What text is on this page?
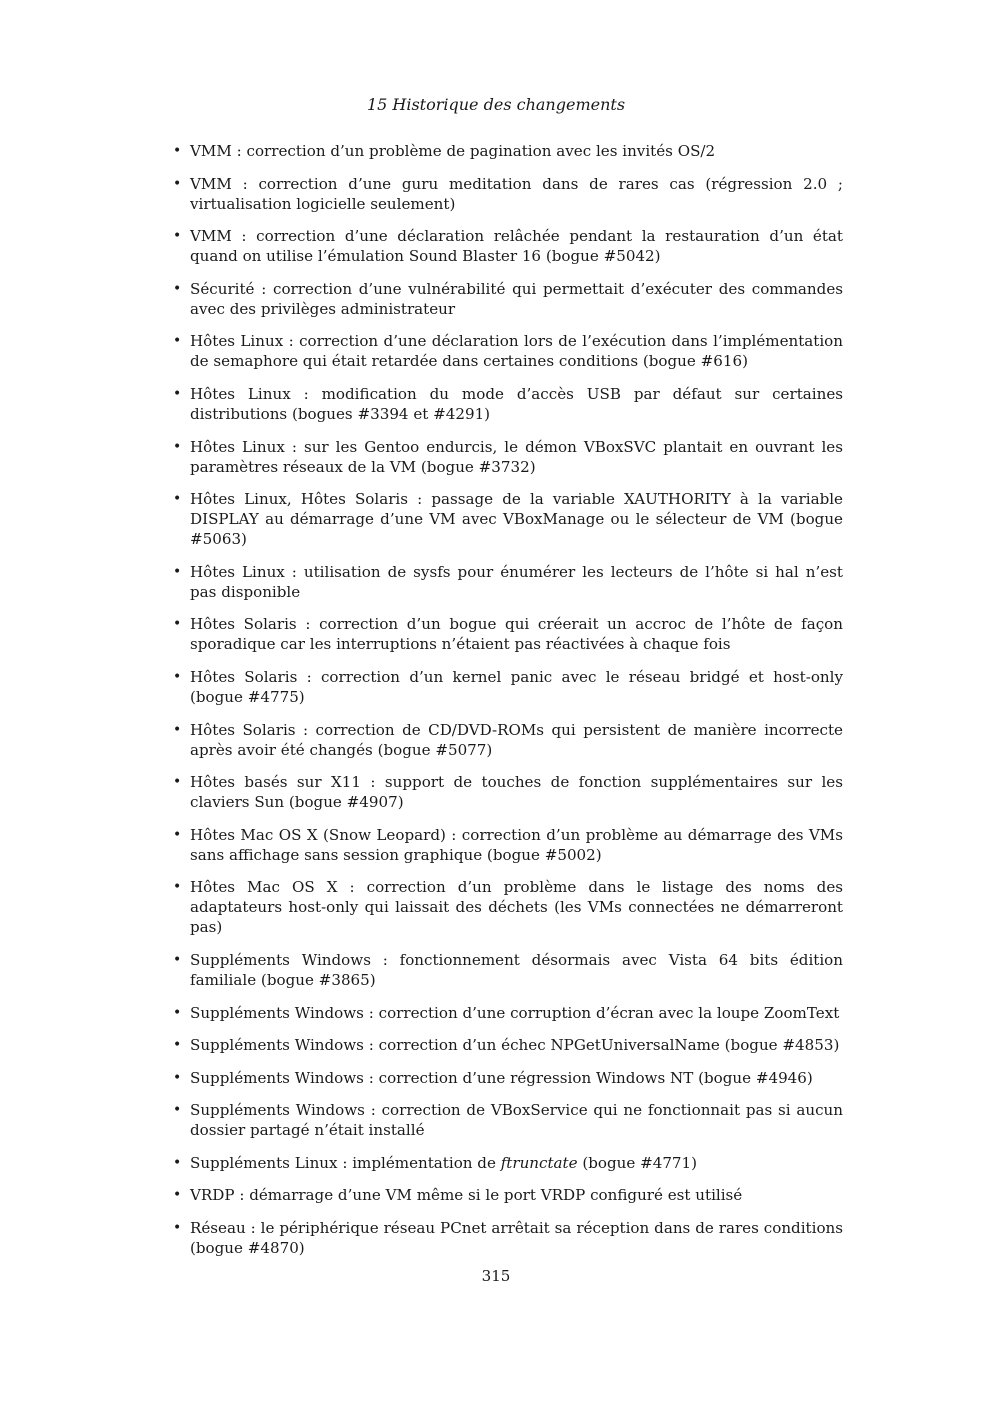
15 Historique des changements
• VMM : correction d’un problème de pagination avec les invités OS/2
• VMM : correction d’une guru meditation dans de rares cas (régression 2.0 ; virtualisation logicielle seulement)
• VMM : correction d’une déclaration relâchée pendant la restauration d’un état quand on utilise l’émulation Sound Blaster 16 (bogue #5042)
• Sécurité : correction d’une vulnérabilité qui permettait d’exécuter des commandes avec des privilèges administrateur
• Hôtes Linux : correction d’une déclaration lors de l’exécution dans l’implémentation de semaphore qui était retardée dans certaines conditions (bogue #616)
• Hôtes Linux : modification du mode d’accès USB par défaut sur certaines distributions (bogues #3394 et #4291)
• Hôtes Linux : sur les Gentoo endurcis, le démon VBoxSVC plantait en ouvrant les paramètres réseaux de la VM (bogue #3732)
• Hôtes Linux, Hôtes Solaris : passage de la variable XAUTHORITY à la variable DISPLAY au démarrage d’une VM avec VBoxManage ou le sélecteur de VM (bogue #5063)
• Hôtes Linux : utilisation de sysfs pour énumérer les lecteurs de l’hôte si hal n’est pas disponible
• Hôtes Solaris : correction d’un bogue qui créerait un accroc de l’hôte de façon sporadique car les interruptions n’étaient pas réactivées à chaque fois
• Hôtes Solaris : correction d’un kernel panic avec le réseau bridgé et host-only (bogue #4775)
• Hôtes Solaris : correction de CD/DVD-ROMs qui persistent de manière incorrecte après avoir été changés (bogue #5077)
• Hôtes basés sur X11 : support de touches de fonction supplémentaires sur les claviers Sun (bogue #4907)
• Hôtes Mac OS X (Snow Leopard) : correction d’un problème au démarrage des VMs sans affichage sans session graphique (bogue #5002)
• Hôtes Mac OS X : correction d’un problème dans le listage des noms des adaptateurs host-only qui laissait des déchets (les VMs connectées ne démarreront pas)
• Suppléments Windows : fonctionnement désormais avec Vista 64 bits édition familiale (bogue #3865)
• Suppléments Windows : correction d’une corruption d’écran avec la loupe ZoomText
• Suppléments Windows : correction d’un échec NPGetUniversalName (bogue #4853)
• Suppléments Windows : correction d’une régression Windows NT (bogue #4946)
• Suppléments Windows : correction de VBoxService qui ne fonctionnait pas si aucun dossier partagé n’était installé
• Suppléments Linux : implémentation de ftrunctate (bogue #4771)
• VRDP : démarrage d’une VM même si le port VRDP configuré est utilisé
• Réseau : le périphérique réseau PCnet arrêtait sa réception dans de rares conditions (bogue #4870)
315
